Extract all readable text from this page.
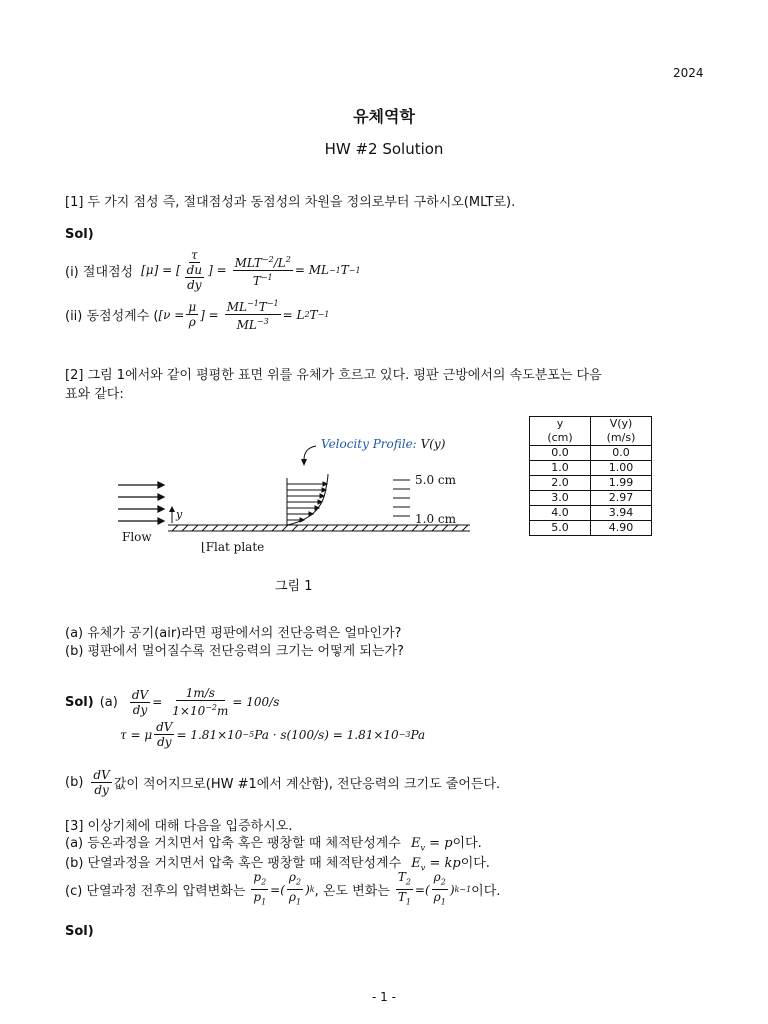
2024
유체역학
HW #2 Solution
[1] 두 가지 점성 즉, 절대점성과 동점성의 차원을 정의로부터 구하시오(MLT로).
Sol)
(i) 절대점성 [μ] = [ $\frac{\tau}{\frac{du}{dy}}$ ] = $\frac{MLT^{-2}/L^2}{T^{-1}}$ = ML −1 T −1
(ii) 동점성계수 ( [$\nu = \frac{\mu}{\rho}$ ] = $\frac{ML^{-1}T^{-1}}{ML^{-3}} = L$ 2 T −1
[2] 그림 1에서와 같이 평평한 표면 위를 유체가 흐르고 있다. 평판 근방에서의 속도분포는 다음
표와 같다:
Velocity Profile: V(y)
5.0 cm
1.0 cm
y
Flow
⌊Flat plate
그림 1
y	V(y)
(cm)	(m/s)
0.0	0.0
1.0	1.00
2.0	1.99
3.0	2.97
4.0	3.94
5.0	4.90
(a) 유체가 공기(air)라면 평판에서의 전단응력은 얼마인가?
(b) 평판에서 멀어질수록 전단응력의 크기는 어떻게 되는가?
Sol) $(a) \frac{dV}{dy} = \frac{1m/s}{1\times 10^{-2}m} = 100/s$
τ = μ $\frac{dV}{dy} = 1.81\times 10 -5$ Pa · s(100/s) = 1.81×10 −3 Pa
$(b) \frac{dV}{dy}$ 값이 적어지므로(HW #1에서 계산함), 전단응력의 크기도 줄어든다.
[3] 이상기체에 대해 다음을 입증하시오.
(a) 등온과정을 거치면서 압축 혹은 팽창할 때 체적탄성계수 $E_v = p$이다.
(b) 단열과정을 거치면서 압축 혹은 팽창할 때 체적탄성계수 $E_v$ = kp이다.
(c) 단열과정 전후의 압력변화는 $\frac{p_2}{p_1}$ =( $\frac{\rho_2}{\rho_1}$ ) k , 온도 변화는 $\frac{T_2}{T_1}$ =( $\frac{\rho_2}{\rho_1}$ ) k−1 이다.
Sol)
- 1 -
